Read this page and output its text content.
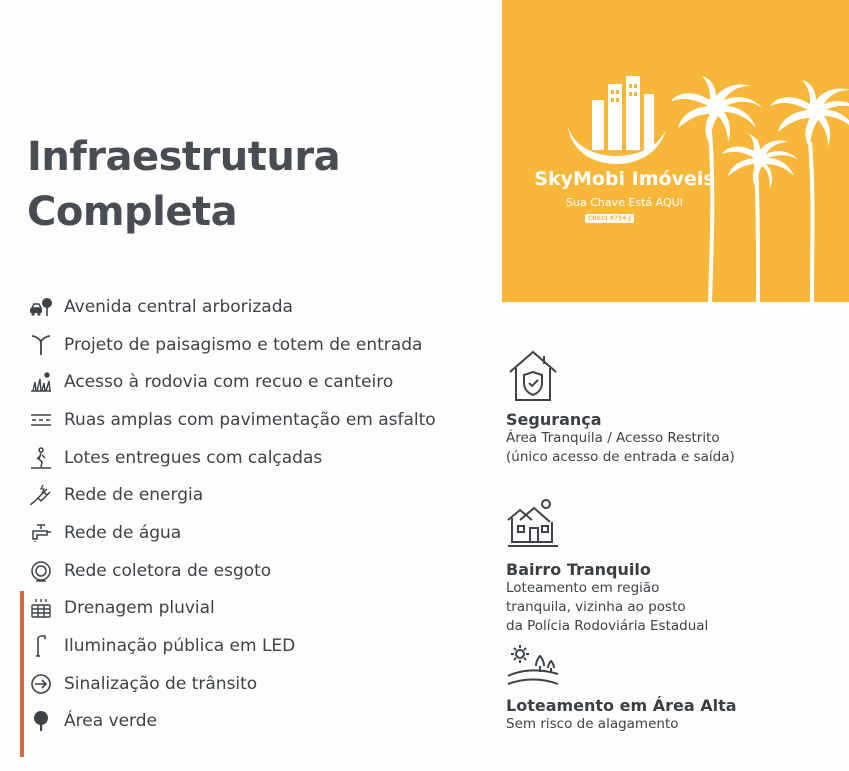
Infraestrutura
Completa
Avenida central arborizada
Projeto de paisagismo e totem de entrada
Acesso à rodovia com recuo e canteiro
Ruas amplas com pavimentação em asfalto
Lotes entregues com calçadas
Rede de energia
Rede de água
Rede coletora de esgoto
Drenagem pluvial
Iluminação pública em LED
Sinalização de trânsito
Área verde
SkyMobi Imóveis
Sua Chave Está AQUI
CRECI 8754-J
Segurança
Área Tranquila / Acesso Restrito
(único acesso de entrada e saída)
Bairro Tranquilo
Loteamento em região
tranquila, vizinha ao posto
da Polícia Rodoviária Estadual
Loteamento em Área Alta
Sem risco de alagamento
